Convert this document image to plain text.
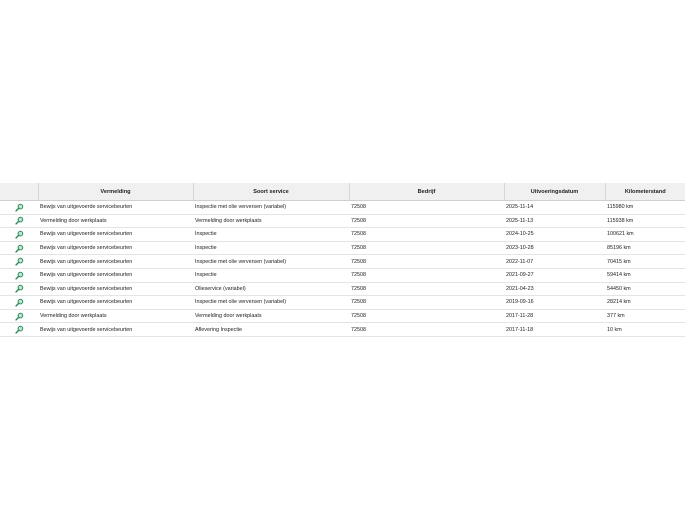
	Vermelding	Soort service	Bedrijf	Uitvoeringsdatum	Kilometerstand
	Bewijs van uitgevoerde servicebeurten	Inspectie met olie verversen (variabel)	72508	2025-11-14	115980 km
	Vermelding door werkplaats	Vermelding door werkplaats	72508	2025-11-13	115938 km
	Bewijs van uitgevoerde servicebeurten	Inspectie	72508	2024-10-25	100621 km
	Bewijs van uitgevoerde servicebeurten	Inspectie	72508	2023-10-28	85196 km
	Bewijs van uitgevoerde servicebeurten	Inspectie met olie verversen (variabel)	72508	2022-11-07	70415 km
	Bewijs van uitgevoerde servicebeurten	Inspectie	72508	2021-09-27	59414 km
	Bewijs van uitgevoerde servicebeurten	Olieservice (variabel)	72508	2021-04-23	54450 km
	Bewijs van uitgevoerde servicebeurten	Inspectie met olie verversen (variabel)	72508	2019-09-16	28214 km
	Vermelding door werkplaats	Vermelding door werkplaats	72508	2017-11-28	377 km
	Bewijs van uitgevoerde servicebeurten	Aflevering Inspectie	72508	2017-11-18	10 km
